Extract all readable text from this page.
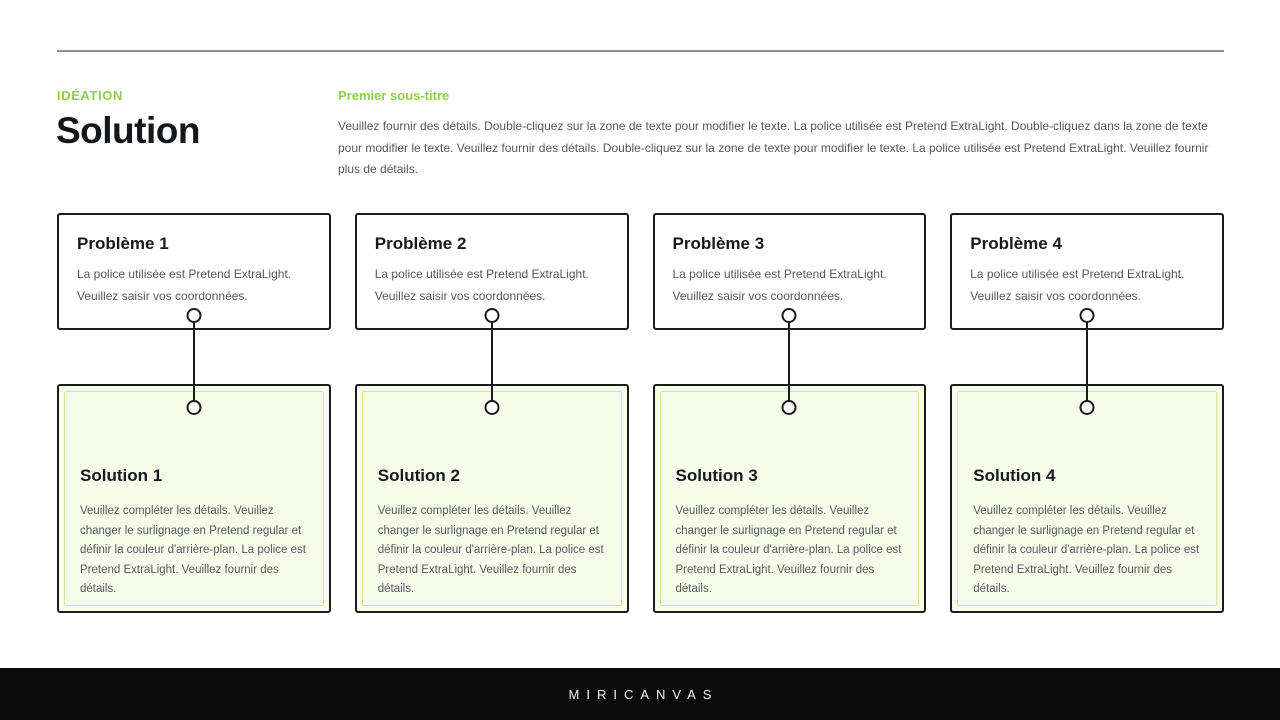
IDÉATION
Solution
Premier sous-titre

Veuillez fournir des détails. Double-cliquez sur la zone de texte pour modifier le texte. La police utilisée est Pretend ExtraLight. Double-cliquez dans la zone de texte pour modifier le texte. Veuillez fournir des détails. Double-cliquez sur la zone de texte pour modifier le texte. La police utilisée est Pretend ExtraLight. Veuillez fournir plus de détails.

Problème 1
La police utilisée est Pretend ExtraLight.
Veuillez saisir vos coordonnées.
Solution 1

Veuillez compléter les détails. Veuillez changer le surlignage en Pretend regular et définir la couleur d'arrière-plan. La police est Pretend ExtraLight. Veuillez fournir des détails.

Problème 2
La police utilisée est Pretend ExtraLight.
Veuillez saisir vos coordonnées.
Solution 2

Veuillez compléter les détails. Veuillez changer le surlignage en Pretend regular et définir la couleur d'arrière-plan. La police est Pretend ExtraLight. Veuillez fournir des détails.

Problème 3
La police utilisée est Pretend ExtraLight.
Veuillez saisir vos coordonnées.
Solution 3

Veuillez compléter les détails. Veuillez changer le surlignage en Pretend regular et définir la couleur d'arrière-plan. La police est Pretend ExtraLight. Veuillez fournir des détails.

Problème 4
La police utilisée est Pretend ExtraLight.
Veuillez saisir vos coordonnées.
Solution 4

Veuillez compléter les détails. Veuillez changer le surlignage en Pretend regular et définir la couleur d'arrière-plan. La police est Pretend ExtraLight. Veuillez fournir des détails.

MIRICANVAS
